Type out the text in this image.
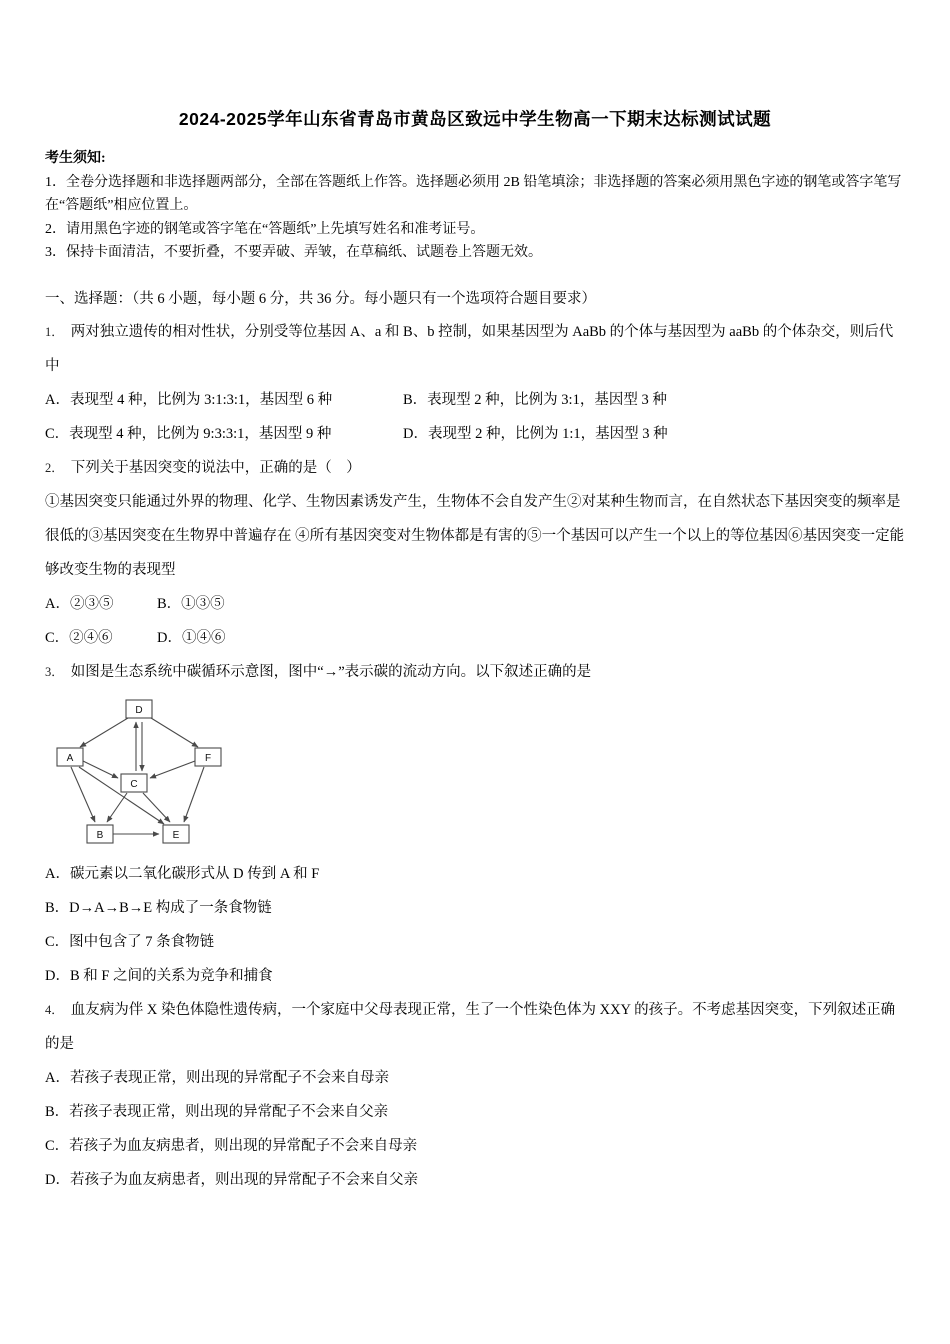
2024-2025学年山东省青岛市黄岛区致远中学生物高一下期末达标测试试题
考生须知:
1．全卷分选择题和非选择题两部分，全部在答题纸上作答。选择题必须用 2B 铅笔填涂；非选择题的答案必须用黑色字迹的钢笔或答字笔写在“答题纸”相应位置上。
2．请用黑色字迹的钢笔或答字笔在“答题纸”上先填写姓名和准考证号。
3．保持卡面清洁，不要折叠，不要弄破、弄皱，在草稿纸、试题卷上答题无效。
一、选择题：（共 6 小题，每小题 6 分，共 36 分。每小题只有一个选项符合题目要求）
1． 两对独立遗传的相对性状，分别受等位基因 A、a 和 B、b 控制，如果基因型为 AaBb 的个体与基因型为 aaBb 的个体杂交，则后代中
A．表现型 4 种，比例为 3:1:3:1，基因型 6 种	B．表现型 2 种，比例为 3:1，基因型 3 种
C．表现型 4 种，比例为 9:3:3:1，基因型 9 种	D．表现型 2 种，比例为 1:1，基因型 3 种
2． 下列关于基因突变的说法中，正确的是（　）
①基因突变只能通过外界的物理、化学、生物因素诱发产生，生物体不会自发产生②对某种生物而言，在自然状态下基因突变的频率是很低的③基因突变在生物界中普遍存在 ④所有基因突变对生物体都是有害的⑤一个基因可以产生一个以上的等位基因⑥基因突变一定能够改变生物的表现型
A．②③⑤	B．①③⑤
C．②④⑥	D．①④⑥
3． 如图是生态系统中碳循环示意图，图中“→”表示碳的流动方向。以下叙述正确的是
D
A
C
F
B	E
A．碳元素以二氧化碳形式从 D 传到 A 和 F
B．D→A→B→E 构成了一条食物链
C．图中包含了 7 条食物链
D．B 和 F 之间的关系为竞争和捕食
4． 血友病为伴 X 染色体隐性遗传病，一个家庭中父母表现正常，生了一个性染色体为 XXY 的孩子。不考虑基因突变，下列叙述正确的是
A．若孩子表现正常，则出现的异常配子不会来自母亲
B．若孩子表现正常，则出现的异常配子不会来自父亲
C．若孩子为血友病患者，则出现的异常配子不会来自母亲
D．若孩子为血友病患者，则出现的异常配子不会来自父亲
